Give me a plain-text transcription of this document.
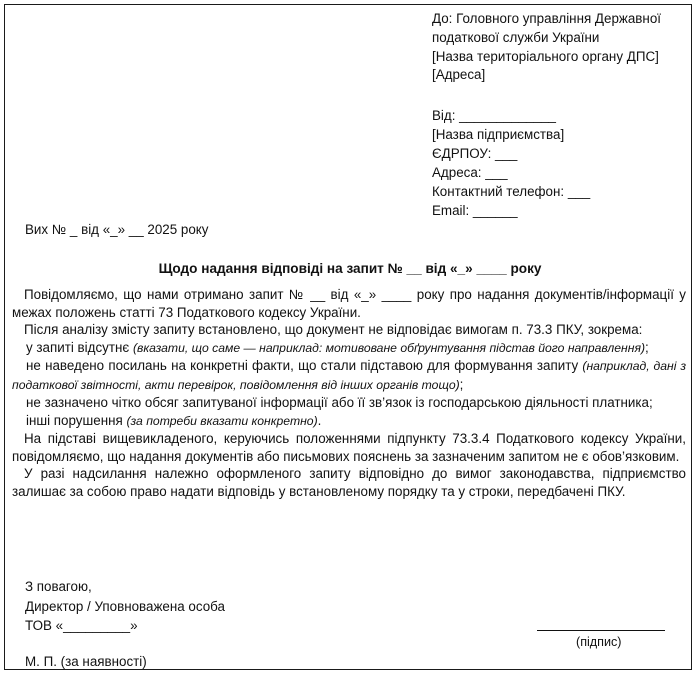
До: Головного управління Державної
податкової служби України
[Назва територіального органу ДПС]
[Адреса]
Від: _____________
[Назва підприємства]
ЄДРПОУ: ___
Адреса: ___
Контактний телефон: ___
Email: ______
Вих № _ від «_» __ 2025 року
Щодо надання відповіді на запит № __ від «_» ____ року

Повідомляємо, що нами отримано запит № __ від «_» ____ року про надання документів/інформації у межах положень статті 73 Податкового кодексу України.

Після аналізу змісту запиту встановлено, що документ не відповідає вимогам п. 73.3 ПКУ, зокрема:

у запиті відсутнє (вказати, що саме — наприклад: мотивоване обґрунтування підстав його направлення);

не наведено посилань на конкретні факти, що стали підставою для формування запиту (наприклад, дані з податкової звітності, акти перевірок, повідомлення від інших органів тощо);

не зазначено чітко обсяг запитуваної інформації або її зв’язок із господарською діяльності платника;

інші порушення (за потреби вказати конкретно).

На підставі вищевикладеного, керуючись положеннями підпункту 73.3.4 Податкового кодексу України, повідомляємо, що надання документів або письмових пояснень за зазначеним запитом не є обов’язковим.

У разі надсилання належно оформленого запиту відповідно до вимог законодавства, підприємство залишає за собою право надати відповідь у встановленому порядку та у строки, передбачені ПКУ.

З повагою,
Директор / Уповноважена особа
ТОВ «_________»
(підпис)
М. П. (за наявності)
